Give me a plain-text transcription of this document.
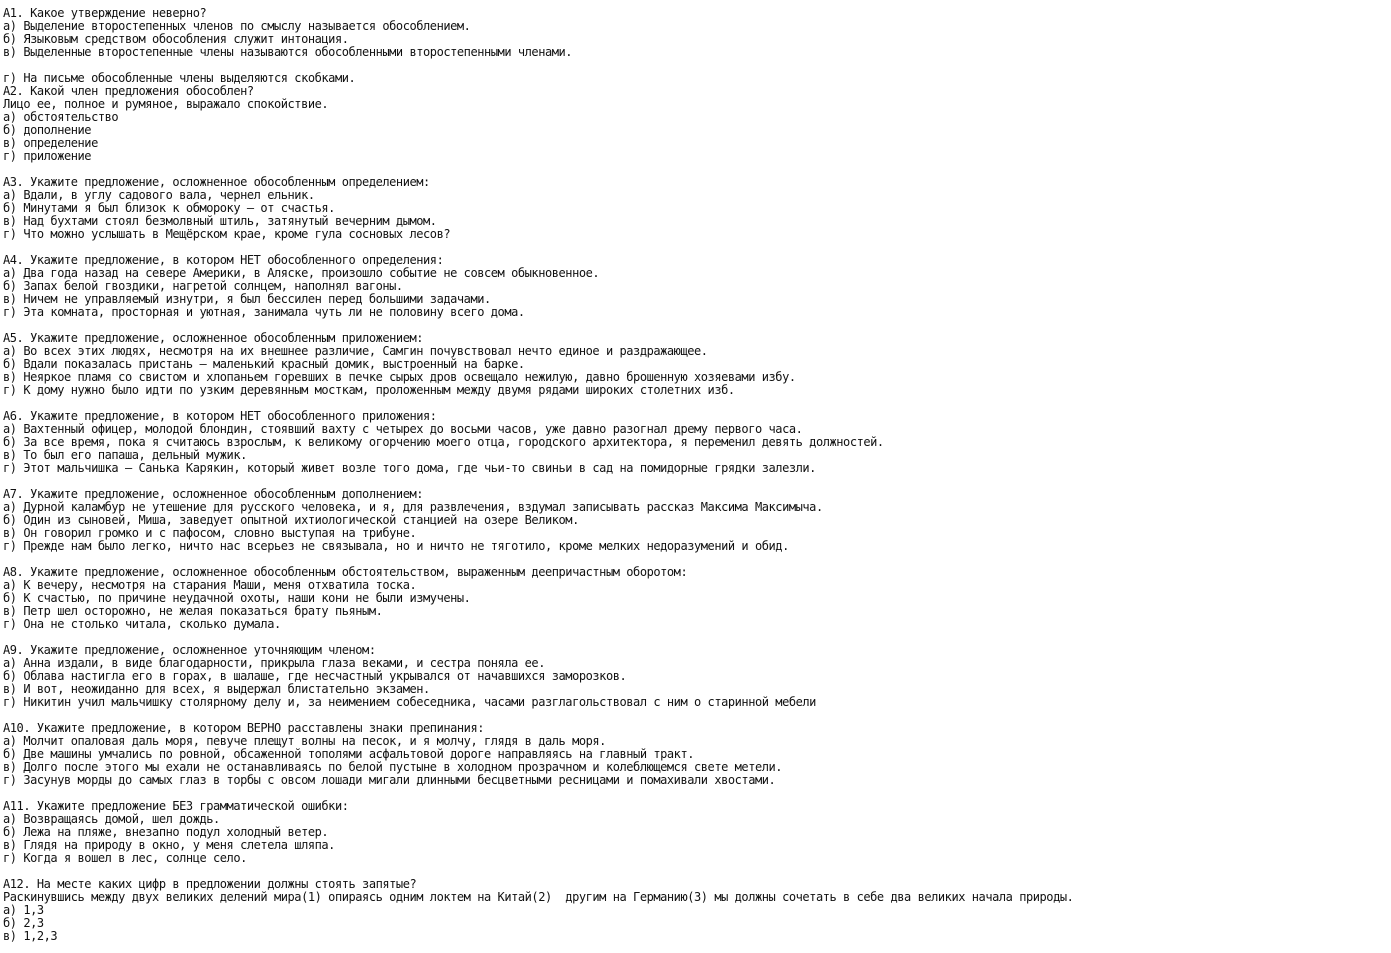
A1. Какое утверждение неверно?
а) Выделение второстепенных членов по смыслу называется обособлением.
б) Языковым средством обособления служит интонация.
в) Выделенные второстепенные члены называются обособленными второстепенными членами.
г) На письме обособленные члены выделяются скобками.
A2. Какой член предложения обособлен?
Лицо ее, полное и румяное, выражало спокойствие.
а) обстоятельство
б) дополнение
в) определение
г) приложение
A3. Укажите предложение, осложненное обособленным определением:
а) Вдали, в углу садового вала, чернел ельник.
б) Минутами я был близок к обмороку – от счастья.
в) Над бухтами стоял безмолвный штиль, затянутый вечерним дымом.
г) Что можно услышать в Мещёрском крае, кроме гула сосновых лесов?
A4. Укажите предложение, в котором НЕТ обособленного определения:
а) Два года назад на севере Америки, в Аляске, произошло событие не совсем обыкновенное.
б) Запах белой гвоздики, нагретой солнцем, наполнял вагоны.
в) Ничем не управляемый изнутри, я был бессилен перед большими задачами.
г) Эта комната, просторная и уютная, занимала чуть ли не половину всего дома.
A5. Укажите предложение, осложненное обособленным приложением:
а) Во всех этих людях, несмотря на их внешнее различие, Самгин почувствовал нечто единое и раздражающее.
б) Вдали показалась пристань – маленький красный домик, выстроенный на барке.
в) Неяркое пламя со свистом и хлопаньем горевших в печке сырых дров освещало нежилую, давно брошенную хозяевами избу.
г) К дому нужно было идти по узким деревянным мосткам, проложенным между двумя рядами широких столетних изб.
A6. Укажите предложение, в котором НЕТ обособленного приложения:
а) Вахтенный офицер, молодой блондин, стоявший вахту с четырех до восьми часов, уже давно разогнал дрему первого часа.
б) За все время, пока я считаюсь взрослым, к великому огорчению моего отца, городского архитектора, я переменил девять должностей.
в) То был его папаша, дельный мужик.
г) Этот мальчишка – Санька Карякин, который живет возле того дома, где чьи-то свиньи в сад на помидорные грядки залезли.
A7. Укажите предложение, осложненное обособленным дополнением:
а) Дурной каламбур не утешение для русского человека, и я, для развлечения, вздумал записывать рассказ Максима Максимыча.
б) Один из сыновей, Миша, заведует опытной ихтиологической станцией на озере Великом.
в) Он говорил громко и с пафосом, словно выступая на трибуне.
г) Прежде нам было легко, ничто нас всерьез не связывала, но и ничто не тяготило, кроме мелких недоразумений и обид.
A8. Укажите предложение, осложненное обособленным обстоятельством, выраженным деепричастным оборотом:
а) К вечеру, несмотря на старания Маши, меня отхватила тоска.
б) К счастью, по причине неудачной охоты, наши кони не были измучены.
в) Петр шел осторожно, не желая показаться брату пьяным.
г) Она не столько читала, сколько думала.
A9. Укажите предложение, осложненное уточняющим членом:
а) Анна издали, в виде благодарности, прикрыла глаза веками, и сестра поняла ее.
б) Облава настигла его в горах, в шалаше, где несчастный укрывался от начавшихся заморозков.
в) И вот, неожиданно для всех, я выдержал блистательно экзамен.
г) Никитин учил мальчишку столярному делу и, за неимением собеседника, часами разглагольствовал с ним о старинной мебели
A10. Укажите предложение, в котором ВЕРНО расставлены знаки препинания:
а) Молчит опаловая даль моря, певуче плещут волны на песок, и я молчу, глядя в даль моря.
б) Две машины умчались по ровной, обсаженной тополями асфальтовой дороге направляясь на главный тракт.
в) Долго после этого мы ехали не останавливаясь по белой пустыне в холодном прозрачном и колеблющемся свете метели.
г) Засунув морды до самых глаз в торбы с овсом лошади мигали длинными бесцветными ресницами и помахивали хвостами.
A11. Укажите предложение БЕЗ грамматической ошибки:
а) Возвращаясь домой, шел дождь.
б) Лежа на пляже, внезапно подул холодный ветер.
в) Глядя на природу в окно, у меня слетела шляпа.
г) Когда я вошел в лес, солнце село.
A12. На месте каких цифр в предложении должны стоять запятые?
Раскинувшись между двух великих делений мира(1) опираясь одним локтем на Китай(2)  другим на Германию(3) мы должны сочетать в себе два великих начала природы.
а) 1,3
б) 2,3
в) 1,2,3
